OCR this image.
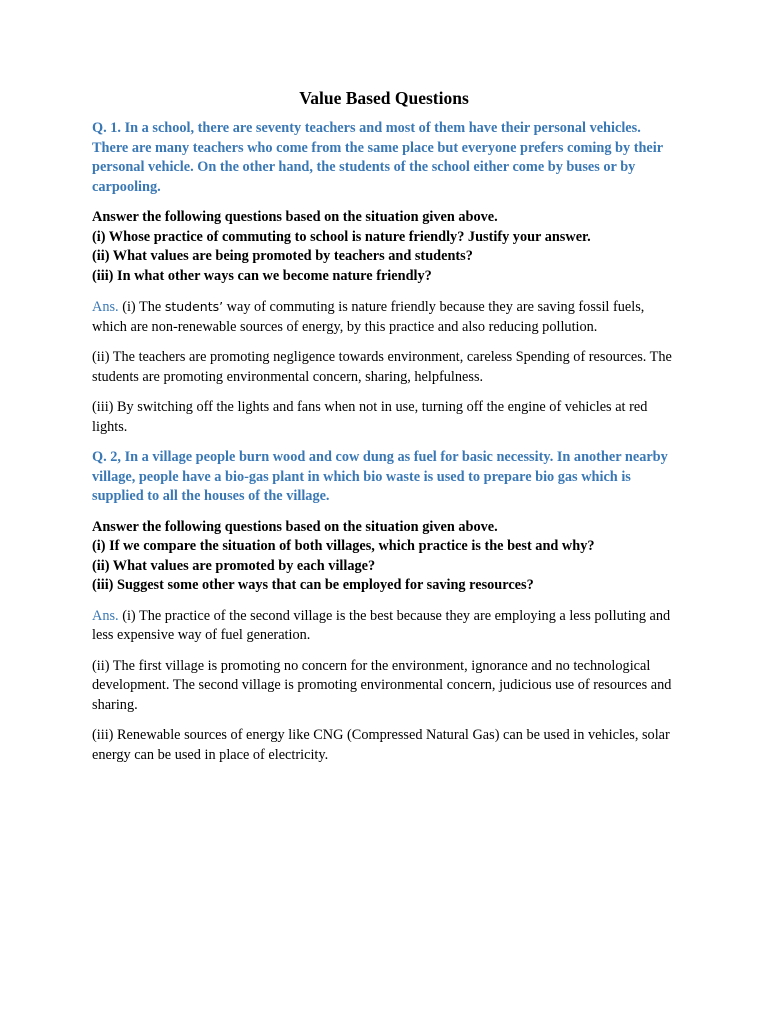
Value Based Questions
Q. 1. In a school, there are seventy teachers and most of them have their personal vehicles. There are many teachers who come from the same place but everyone prefers coming by their personal vehicle. On the other hand, the students of the school either come by buses or by carpooling.
Answer the following questions based on the situation given above.
(i) Whose practice of commuting to school is nature friendly? Justify your answer.
(ii) What values are being promoted by teachers and students?
(iii) In what other ways can we become nature friendly?
Ans. (i) The students’ way of commuting is nature friendly because they are saving fossil fuels, which are non-renewable sources of energy, by this practice and also reducing pollution.
(ii) The teachers are promoting negligence towards environment, careless Spending of resources. The students are promoting environmental concern, sharing, helpfulness.
(iii) By switching off the lights and fans when not in use, turning off the engine of vehicles at red lights.
Q. 2, In a village people burn wood and cow dung as fuel for basic necessity. In another nearby village, people have a bio-gas plant in which bio waste is used to prepare bio gas which is supplied to all the houses of the village.
Answer the following questions based on the situation given above.
(i) If we compare the situation of both villages, which practice is the best and why?
(ii) What values are promoted by each village?
(iii) Suggest some other ways that can be employed for saving resources?
Ans. (i) The practice of the second village is the best because they are employing a less polluting and less expensive way of fuel generation.
(ii) The first village is promoting no concern for the environment, ignorance and no technological development. The second village is promoting environmental concern, judicious use of resources and sharing.
(iii) Renewable sources of energy like CNG (Compressed Natural Gas) can be used in vehicles, solar energy can be used in place of electricity.
